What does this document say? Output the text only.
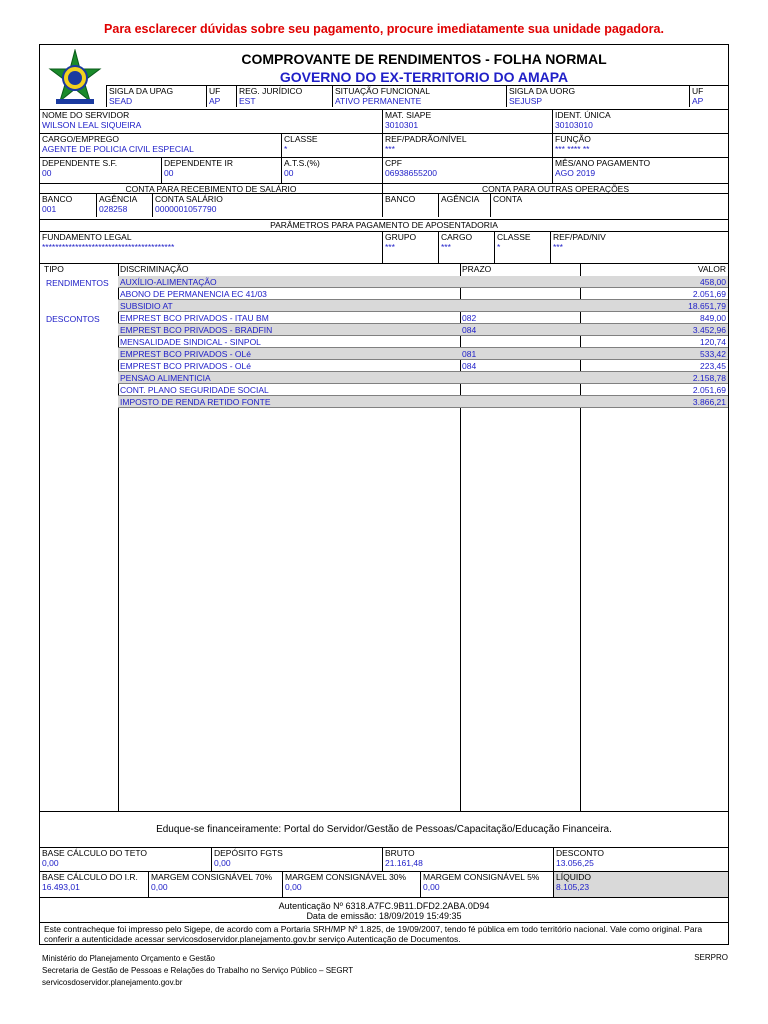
Para esclarecer dúvidas sobre seu pagamento, procure imediatamente sua unidade pagadora.
COMPROVANTE DE RENDIMENTOS - FOLHA NORMAL
GOVERNO DO EX-TERRITORIO DO AMAPA
SIGLA DA UPAG
SEAD
UF
AP
REG. JURÍDICO
EST
SITUAÇÃO FUNCIONAL
ATIVO PERMANENTE
SIGLA DA UORG
SEJUSP
UF
AP
NOME DO SERVIDOR
WILSON LEAL SIQUEIRA
MAT. SIAPE
3010301
IDENT. ÚNICA
30103010
CARGO/EMPREGO
AGENTE DE POLICIA CIVIL ESPECIAL
CLASSE
*
REF/PADRÃO/NÍVEL
***
FUNÇÃO
*** **** **
DEPENDENTE S.F.
00
DEPENDENTE IR
00
A.T.S.(%)
00
CPF
06938655200
MÊS/ANO PAGAMENTO
AGO 2019
CONTA PARA RECEBIMENTO DE SALÁRIO	CONTA PARA OUTRAS OPERAÇÕES
BANCO
001
AGÊNCIA
028258
CONTA SALÁRIO
0000001057790
BANCO	AGÊNCIA	CONTA
PARÂMETROS PARA PAGAMENTO DE APOSENTADORIA
FUNDAMENTO LEGAL
****************************************
GRUPO
***
CARGO
***
CLASSE
*
REF/PAD/NIV
***
TIPO	DISCRIMINAÇÃO	PRAZO	VALOR
RENDIMENTOS
DESCONTOS
AUXÍLIO-ALIMENTAÇÃO	458,00
ABONO DE PERMANENCIA EC 41/03	2.051,69
SUBSIDIO AT	18.651,79
EMPREST BCO PRIVADOS - ITAU BM	082	849,00
EMPREST BCO PRIVADOS - BRADFIN	084	3.452,96
MENSALIDADE SINDICAL - SINPOL	120,74
EMPREST BCO PRIVADOS - OLé	081	533,42
EMPREST BCO PRIVADOS - OLé	084	223,45
PENSAO ALIMENTICIA	2.158,78
CONT. PLANO SEGURIDADE SOCIAL	2.051,69
IMPOSTO DE RENDA RETIDO FONTE	3.866,21
Eduque-se financeiramente: Portal do Servidor/Gestão de Pessoas/Capacitação/Educação Financeira.
BASE CÁLCULO DO TETO
0,00
DEPÓSITO FGTS
0,00
BRUTO
21.161,48
DESCONTO
13.056,25
BASE CÁLCULO DO I.R.
16.493,01
MARGEM CONSIGNÁVEL 70%
0,00
MARGEM CONSIGNÁVEL 30%
0,00
MARGEM CONSIGNÁVEL 5%
0,00
LÍQUIDO
8.105,23
Autenticação Nº 6318.A7FC.9B11.DFD2.2ABA.0D94
Data de emissão: 18/09/2019 15:49:35
Este contracheque foi impresso pelo Sigepe, de acordo com a Portaria SRH/MP Nº 1.825, de 19/09/2007, tendo fé pública em todo território nacional. Vale como original. Para conferir a autenticidade acessar servicosdoservidor.planejamento.gov.br serviço Autenticação de Documentos.
Ministério do Planejamento Orçamento e Gestão
Secretaria de Gestão de Pessoas e Relações do Trabalho no Serviço Público – SEGRT
servicosdoservidor.planejamento.gov.br
SERPRO
